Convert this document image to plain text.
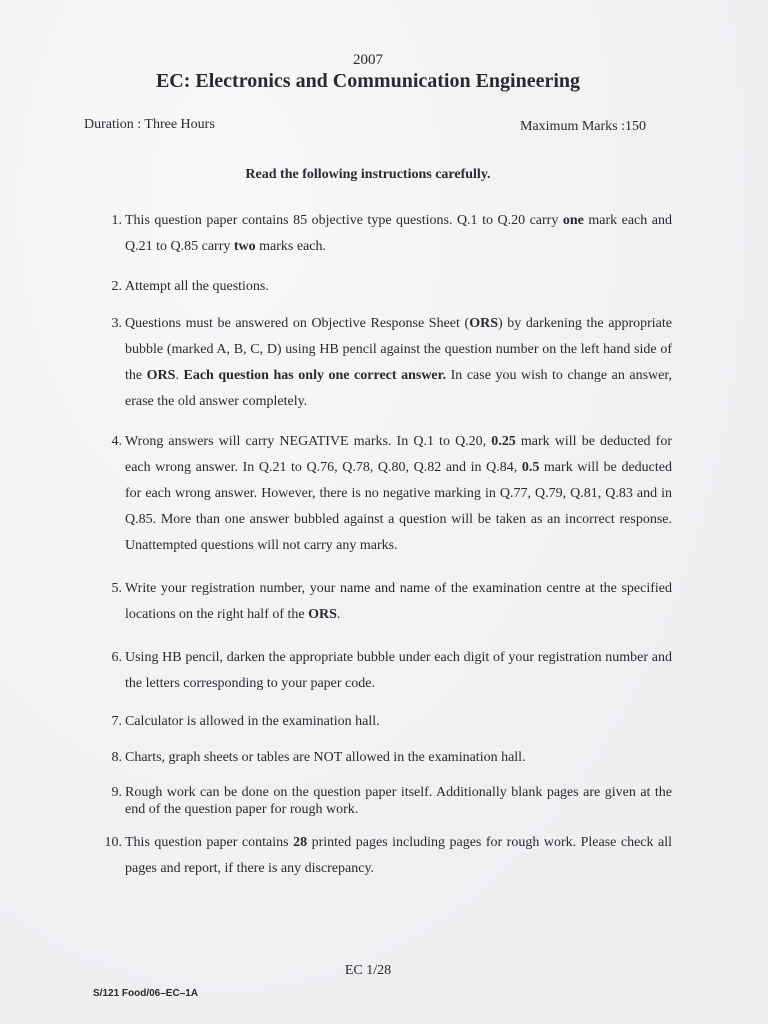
2007
EC: Electronics and Communication Engineering
Duration : Three Hours	Maximum Marks :150
Read the following instructions carefully.
1. This question paper contains 85 objective type questions. Q.1 to Q.20 carry one mark each and Q.21 to Q.85 carry two marks each.
2. Attempt all the questions.
3. Questions must be answered on Objective Response Sheet (ORS) by darkening the appropriate bubble (marked A, B, C, D) using HB pencil against the question number on the left hand side of the ORS. Each question has only one correct answer. In case you wish to change an answer, erase the old answer completely.
4. Wrong answers will carry NEGATIVE marks. In Q.1 to Q.20, 0.25 mark will be deducted for each wrong answer. In Q.21 to Q.76, Q.78, Q.80, Q.82 and in Q.84, 0.5 mark will be deducted for each wrong answer. However, there is no negative marking in Q.77, Q.79, Q.81, Q.83 and in Q.85. More than one answer bubbled against a question will be taken as an incorrect response. Unattempted questions will not carry any marks.
5. Write your registration number, your name and name of the examination centre at the specified locations on the right half of the ORS.
6. Using HB pencil, darken the appropriate bubble under each digit of your registration number and the letters corresponding to your paper code.
7. Calculator is allowed in the examination hall.
8. Charts, graph sheets or tables are NOT allowed in the examination hall.
9. Rough work can be done on the question paper itself. Additionally blank pages are given at the end of the question paper for rough work.
10. This question paper contains 28 printed pages including pages for rough work. Please check all pages and report, if there is any discrepancy.
EC 1/28
S/121 Food/06–EC–1A
